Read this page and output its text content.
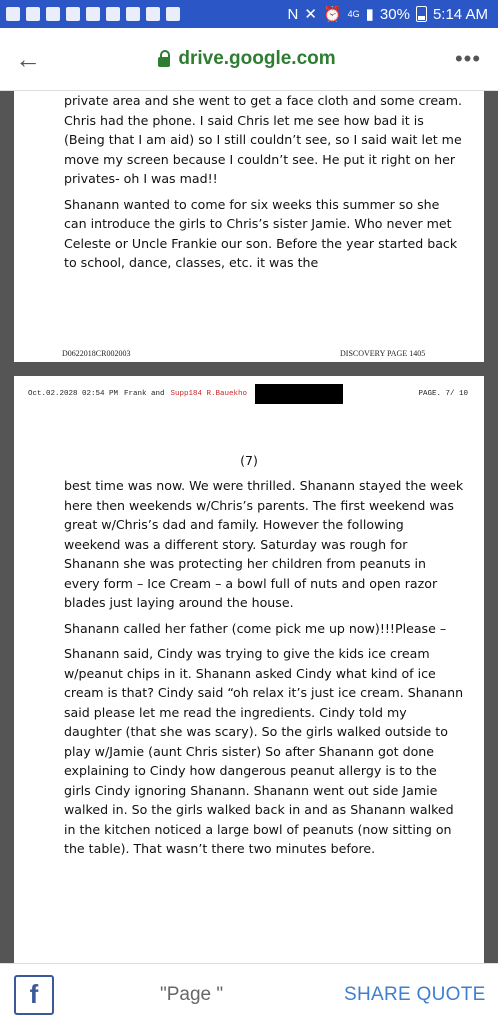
N ✕ ⏰ 4G ▮ 30% 5:14 AM
←	drive.google.com	•••

private area and she went to get a face cloth and some cream. Chris had the phone. I said Chris let me see how bad it is (Being that I am aid) so I still couldn’t see, so I said wait let me move my screen because I couldn’t see. He put it right on her privates- oh I was mad!!

Shanann wanted to come for six weeks this summer so she can introduce the girls to Chris’s sister Jamie. Who never met Celeste or Uncle Frankie our son. Before the year started back to school, dance, classes, etc. it was the

D0622018CR002003	DISCOVERY PAGE 1405
Oct.02.2028 02:54 PM Frank and Supp184 R.Bauekho	PAGE. 7/ 10
(7)

best time was now. We were thrilled. Shanann stayed the week here then weekends w/Chris’s parents. The first weekend was great w/Chris’s dad and family. However the following weekend was a different story. Saturday was rough for Shanann she was protecting her children from peanuts in every form – Ice Cream – a bowl full of nuts and open razor blades just laying around the house.

Shanann called her father (come pick me up now)!!!Please –

Shanann said, Cindy was trying to give the kids ice cream w/peanut chips in it. Shanann asked Cindy what kind of ice cream is that? Cindy said “oh relax it’s just ice cream. Shanann said please let me read the ingredients. Cindy told my daughter (that she was scary). So the girls walked outside to play w/Jamie (aunt Chris sister) So after Shanann got done explaining to Cindy how dangerous peanut allergy is to the girls Cindy ignoring Shanann. Shanann went out side Jamie walked in. So the girls walked back in and as Shanann walked in the kitchen noticed a large bowl of peanuts (now sitting on the table). That wasn’t there two minutes before.

f	"Page "	SHARE QUOTE
